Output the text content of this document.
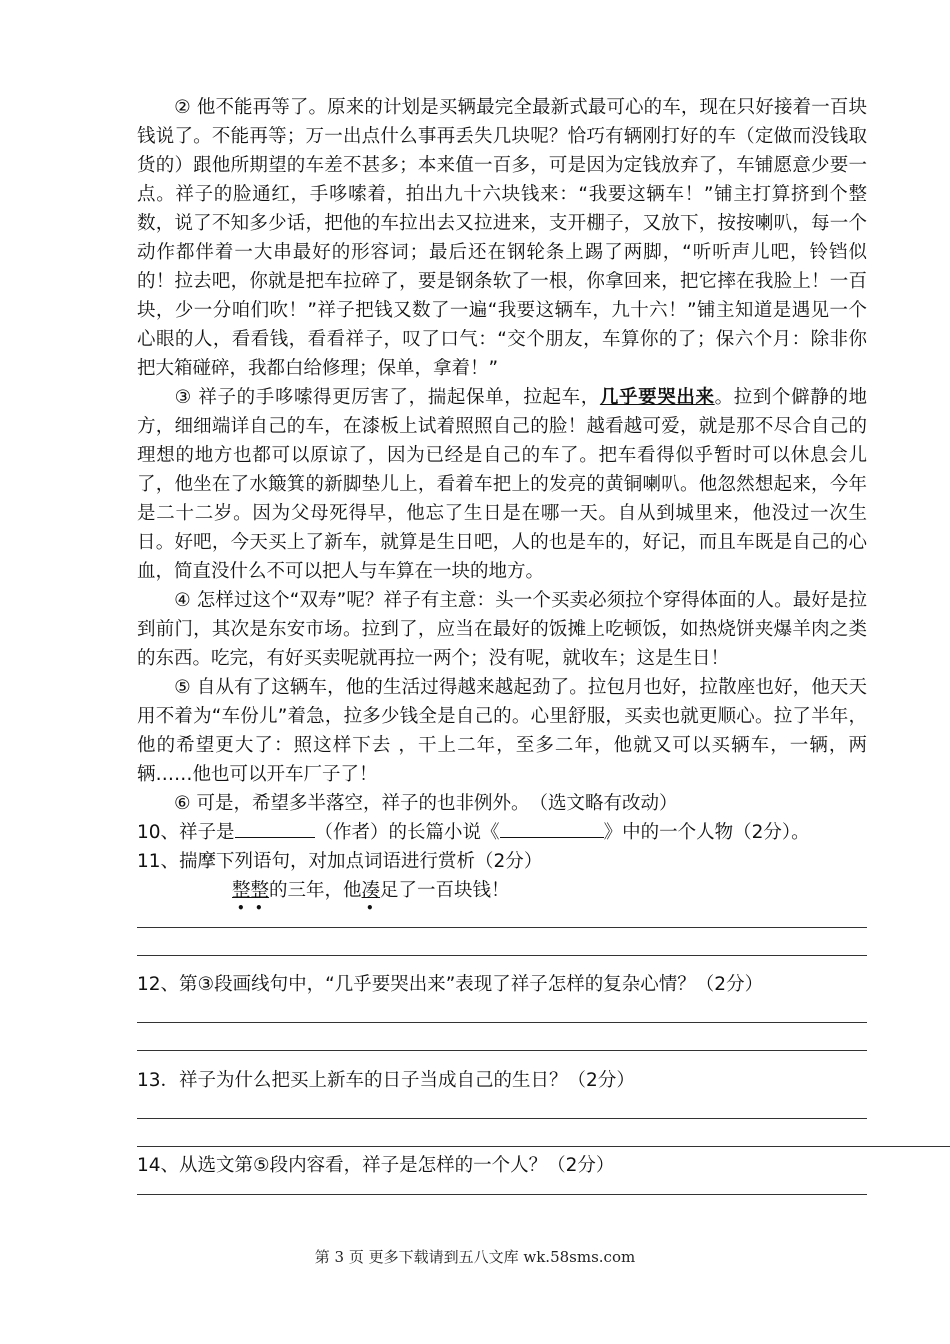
② 他不能再等了。原来的计划是买辆最完全最新式最可心的车，现在只好接着一百块钱说了。不能再等；万一出点什么事再丢失几块呢？恰巧有辆刚打好的车（定做而没钱取货的）跟他所期望的车差不甚多；本来值一百多，可是因为定钱放弃了，车铺愿意少要一点。祥子的脸通红，手哆嗦着，拍出九十六块钱来：“我要这辆车！”铺主打算挤到个整数，说了不知多少话，把他的车拉出去又拉进来，支开棚子，又放下，按按喇叭，每一个动作都伴着一大串最好的形容词；最后还在钢轮条上踢了两脚，“听听声儿吧，铃铛似的！拉去吧，你就是把车拉碎了，要是钢条软了一根，你拿回来，把它摔在我脸上！一百块，少一分咱们吹！”祥子把钱又数了一遍“我要这辆车，九十六！”铺主知道是遇见一个心眼的人，看看钱，看看祥子，叹了口气：“交个朋友，车算你的了；保六个月：除非你把大箱碰碎，我都白给修理；保单，拿着！”

③ 祥子的手哆嗦得更厉害了，揣起保单，拉起车，几乎要哭出来。拉到个僻静的地方，细细端详自己的车，在漆板上试着照照自己的脸！越看越可爱，就是那不尽合自己的理想的地方也都可以原谅了，因为已经是自己的车了。把车看得似乎暂时可以休息会儿了，他坐在了水簸箕的新脚垫儿上，看着车把上的发亮的黄铜喇叭。他忽然想起来，今年是二十二岁。因为父母死得早，他忘了生日是在哪一天。自从到城里来，他没过一次生日。好吧，今天买上了新车，就算是生日吧，人的也是车的，好记，而且车既是自己的心血，简直没什么不可以把人与车算在一块的地方。

④ 怎样过这个“双寿”呢？祥子有主意：头一个买卖必须拉个穿得体面的人。最好是拉到前门，其次是东安市场。拉到了，应当在最好的饭摊上吃顿饭，如热烧饼夹爆羊肉之类的东西。吃完，有好买卖呢就再拉一两个；没有呢，就收车；这是生日！

⑤ 自从有了这辆车，他的生活过得越来越起劲了。拉包月也好，拉散座也好，他天天用不着为“车份儿”着急，拉多少钱全是自己的。心里舒服，买卖也就更顺心。拉了半年，他的希望更大了：照这样下去 ，干上二年，至多二年，他就又可以买辆车，一辆，两辆……他也可以开车厂子了！

⑥ 可是，希望多半落空，祥子的也非例外。　（选文略有改动）

10、祥子是	（作者）的长篇小说《	》中的一个人物（2分）。

11、揣摩下列语句，对加点词语进行赏析（2分）

整整的三年，他凑足了一百块钱！
• •	•

12、第③段画线句中，“几乎要哭出来”表现了祥子怎样的复杂心情？（2分）

13．祥子为什么把买上新车的日子当成自己的生日？（2分）

14、从选文第⑤段内容看，祥子是怎样的一个人？（2分）

第 3 页 更多下载请到五八文库 wk.58sms.com
